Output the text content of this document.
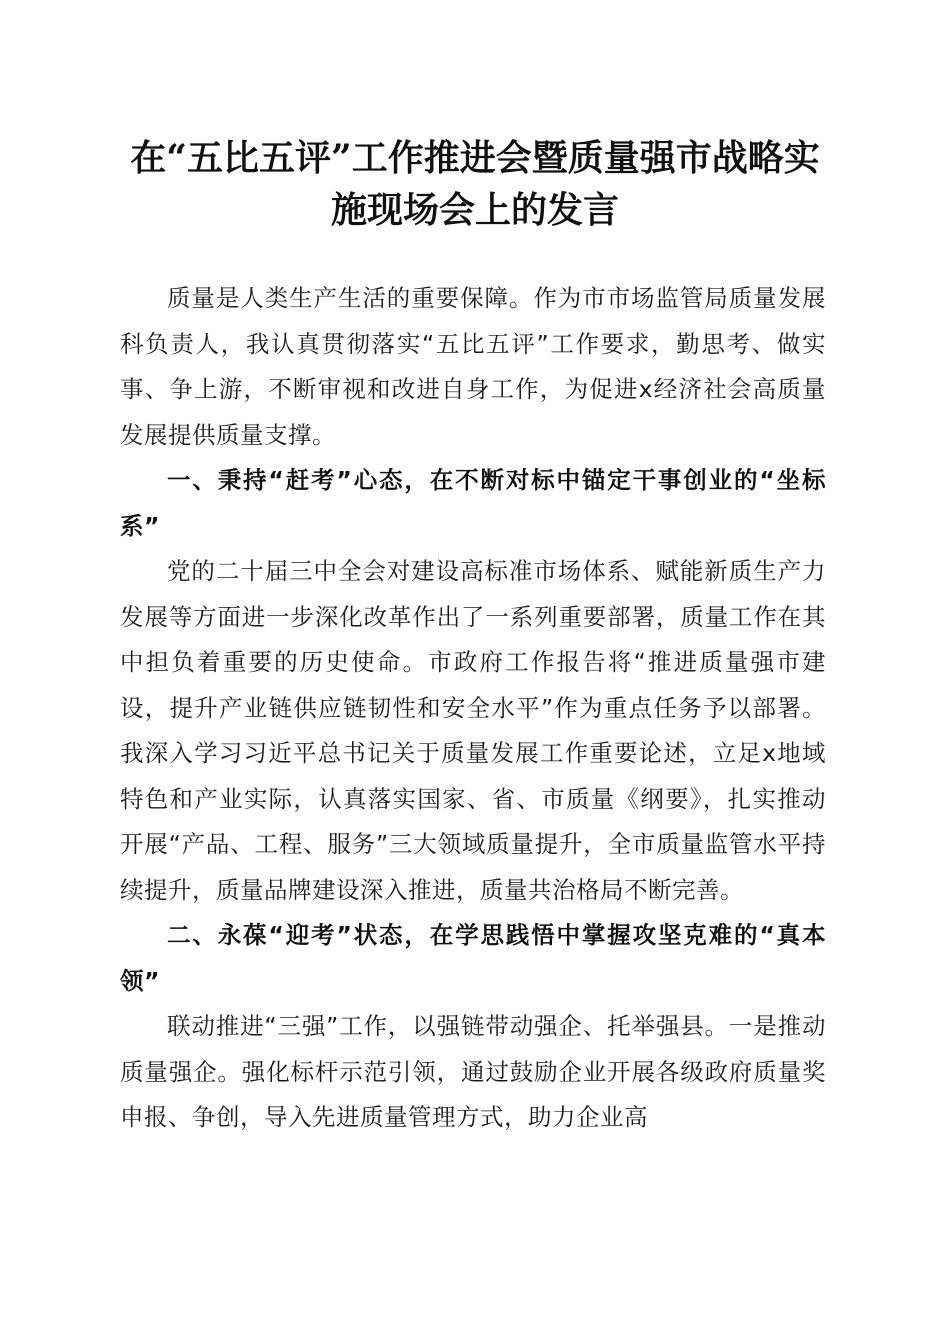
在“五比五评”工作推进会暨质量强市战略实
施现场会上的发言

质量是人类生产生活的重要保障。作为市市场监管局质量发展科负责人，我认真贯彻落实“五比五评”工作要求，勤思考、做实事、争上游，不断审视和改进自身工作，为促进x经济社会高质量发展提供质量支撑。

一、秉持“赶考”心态，在不断对标中锚定干事创业的“坐标系”

党的二十届三中全会对建设高标准市场体系、赋能新质生产力发展等方面进一步深化改革作出了一系列重要部署，质量工作在其中担负着重要的历史使命。市政府工作报告将“推进质量强市建设，提升产业链供应链韧性和安全水平”作为重点任务予以部署。我深入学习习近平总书记关于质量发展工作重要论述，立足x地域特色和产业实际，认真落实国家、省、市质量《纲要》，扎实推动开展“产品、工程、服务”三大领域质量提升，全市质量监管水平持续提升，质量品牌建设深入推进，质量共治格局不断完善。

二、永葆“迎考”状态，在学思践悟中掌握攻坚克难的“真本领”

联动推进“三强”工作，以强链带动强企、托举强县。一是推动质量强企。强化标杆示范引领，通过鼓励企业开展各级政府质量奖申报、争创，导入先进质量管理方式，助力企业高
